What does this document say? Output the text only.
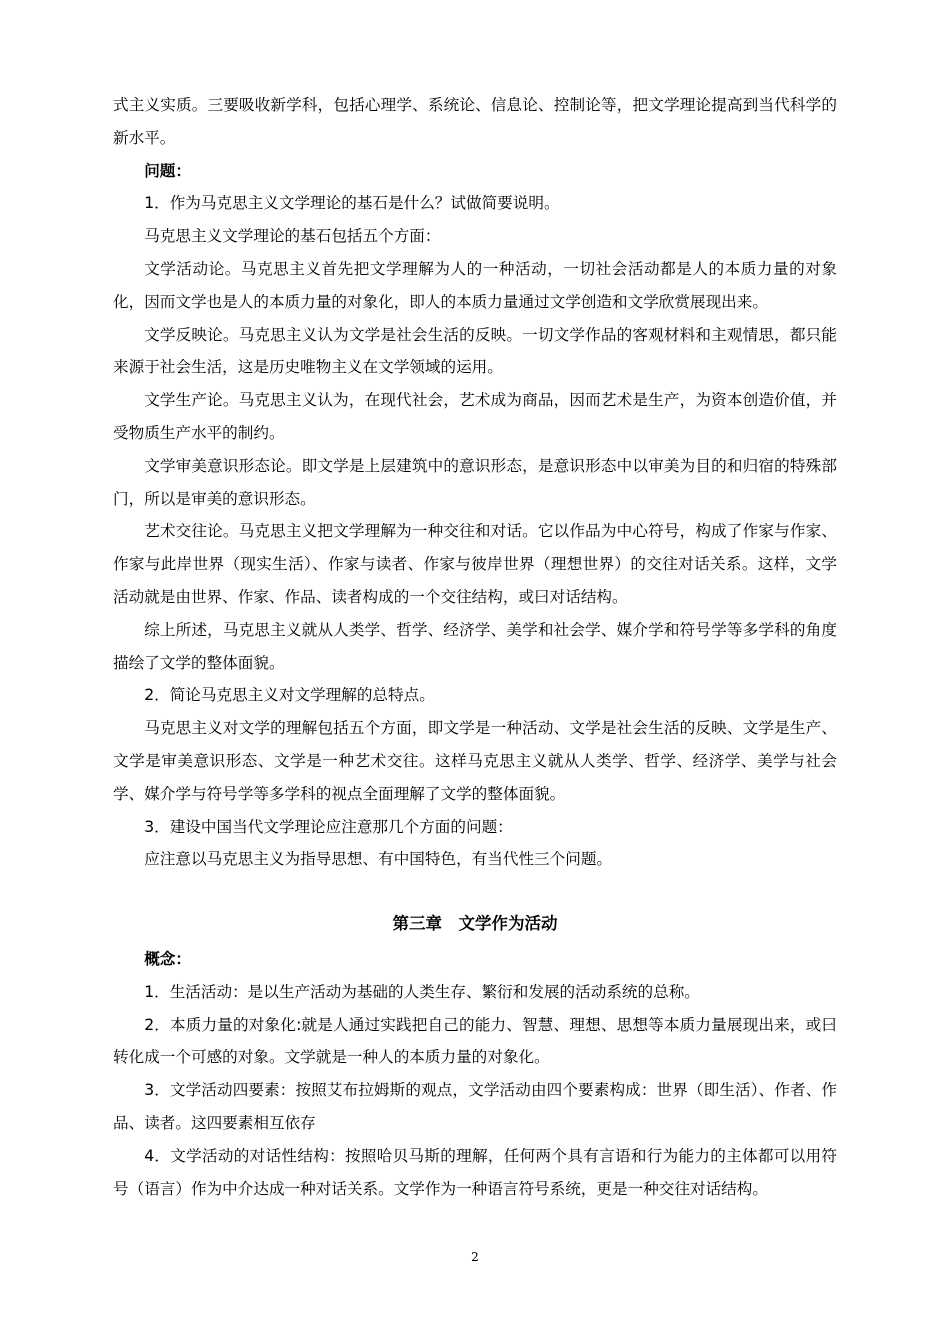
式主义实质。三要吸收新学科，包括心理学、系统论、信息论、控制论等，把文学理论提高到当代科学的新水平。

问题：

1．作为马克思主义文学理论的基石是什么？试做简要说明。

马克思主义文学理论的基石包括五个方面：

文学活动论。马克思主义首先把文学理解为人的一种活动，一切社会活动都是人的本质力量的对象化，因而文学也是人的本质力量的对象化，即人的本质力量通过文学创造和文学欣赏展现出来。

文学反映论。马克思主义认为文学是社会生活的反映。一切文学作品的客观材料和主观情思，都只能来源于社会生活，这是历史唯物主义在文学领域的运用。

文学生产论。马克思主义认为，在现代社会，艺术成为商品，因而艺术是生产，为资本创造价值，并受物质生产水平的制约。

文学审美意识形态论。即文学是上层建筑中的意识形态，是意识形态中以审美为目的和归宿的特殊部门，所以是审美的意识形态。

艺术交往论。马克思主义把文学理解为一种交往和对话。它以作品为中心符号，构成了作家与作家、作家与此岸世界（现实生活）、作家与读者、作家与彼岸世界（理想世界）的交往对话关系。这样，文学活动就是由世界、作家、作品、读者构成的一个交往结构，或曰对话结构。

综上所述，马克思主义就从人类学、哲学、经济学、美学和社会学、媒介学和符号学等多学科的角度描绘了文学的整体面貌。

2．简论马克思主义对文学理解的总特点。

马克思主义对文学的理解包括五个方面，即文学是一种活动、文学是社会生活的反映、文学是生产、文学是审美意识形态、文学是一种艺术交往。这样马克思主义就从人类学、哲学、经济学、美学与社会学、媒介学与符号学等多学科的视点全面理解了文学的整体面貌。

3．建设中国当代文学理论应注意那几个方面的问题：

应注意以马克思主义为指导思想、有中国特色，有当代性三个问题。

第三章　文学作为活动

概念：

1．生活活动：是以生产活动为基础的人类生存、繁衍和发展的活动系统的总称。

2．本质力量的对象化:就是人通过实践把自己的能力、智慧、理想、思想等本质力量展现出来，或曰转化成一个可感的对象。文学就是一种人的本质力量的对象化。

3．文学活动四要素：按照艾布拉姆斯的观点，文学活动由四个要素构成：世界（即生活）、作者、作品、读者。这四要素相互依存

4．文学活动的对话性结构：按照哈贝马斯的理解，任何两个具有言语和行为能力的主体都可以用符号（语言）作为中介达成一种对话关系。文学作为一种语言符号系统，更是一种交往对话结构。

2
